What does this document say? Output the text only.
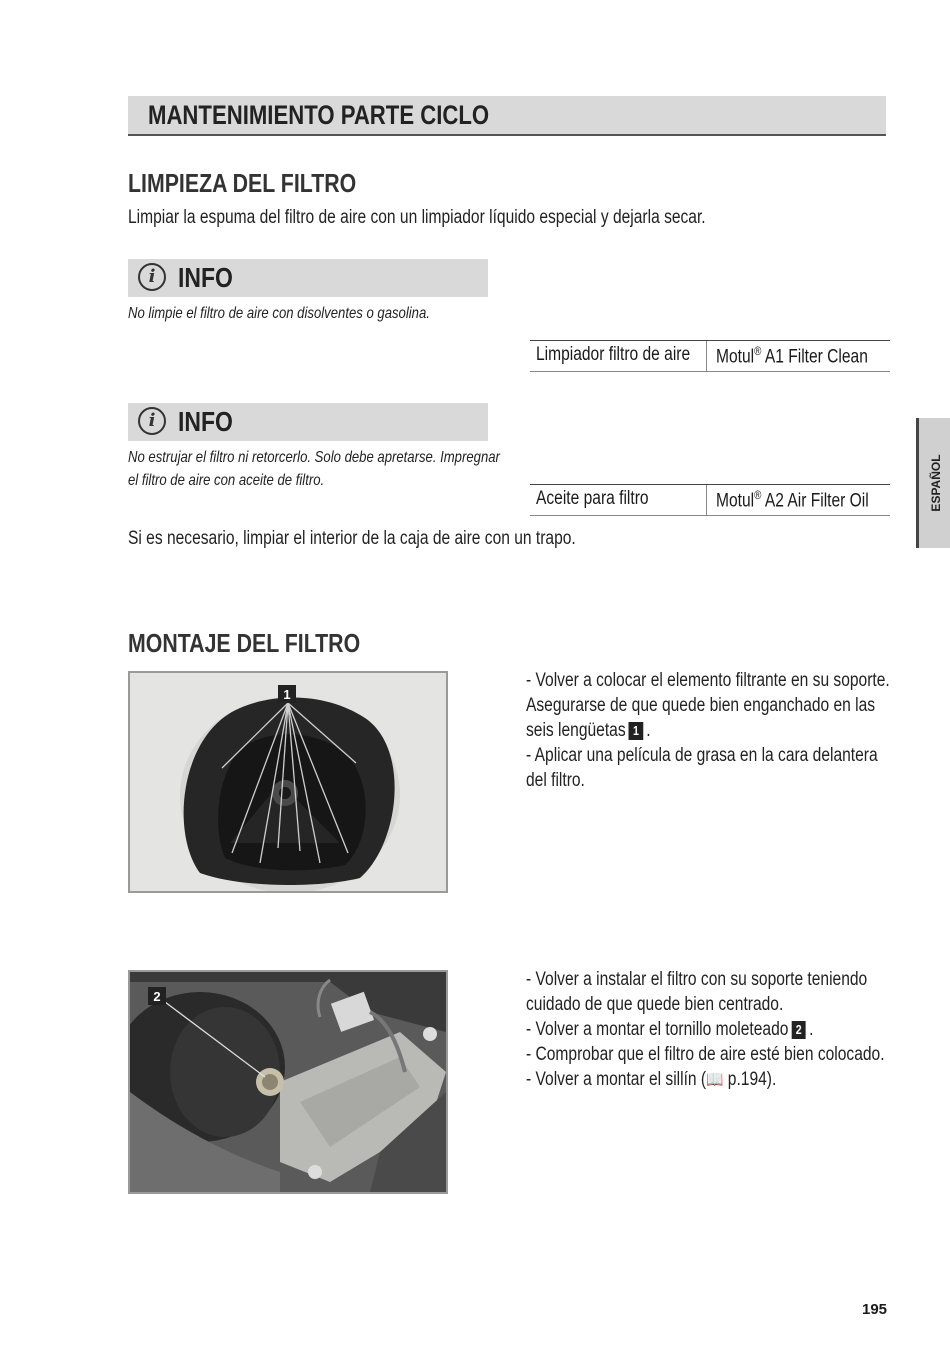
MANTENIMIENTO PARTE CICLO
LIMPIEZA DEL FILTRO
Limpiar la espuma del filtro de aire con un limpiador líquido especial y dejarla secar.
i INFO
No limpie el filtro de aire con disolventes o gasolina.
Limpiador filtro de aire	Motul® A1 Filter Clean
i INFO
No estrujar el filtro ni retorcerlo. Solo debe apretarse. Impregnar
el filtro de aire con aceite de filtro.
Aceite para filtro	Motul® A2 Air Filter Oil
Si es necesario, limpiar el interior de la caja de aire con un trapo.
ESPAÑOL
MONTAJE DEL FILTRO
1
- Volver a colocar el elemento filtrante en su soporte.
Asegurarse de que quede bien enganchado en las
seis lengüetas 1 .
- Aplicar una película de grasa en la cara delantera
del filtro.
2
- Volver a instalar el filtro con su soporte teniendo
cuidado de que quede bien centrado.
- Volver a montar el tornillo moleteado 2 .
- Comprobar que el filtro de aire esté bien colocado.
- Volver a montar el sillín (📖 p.194).
195
